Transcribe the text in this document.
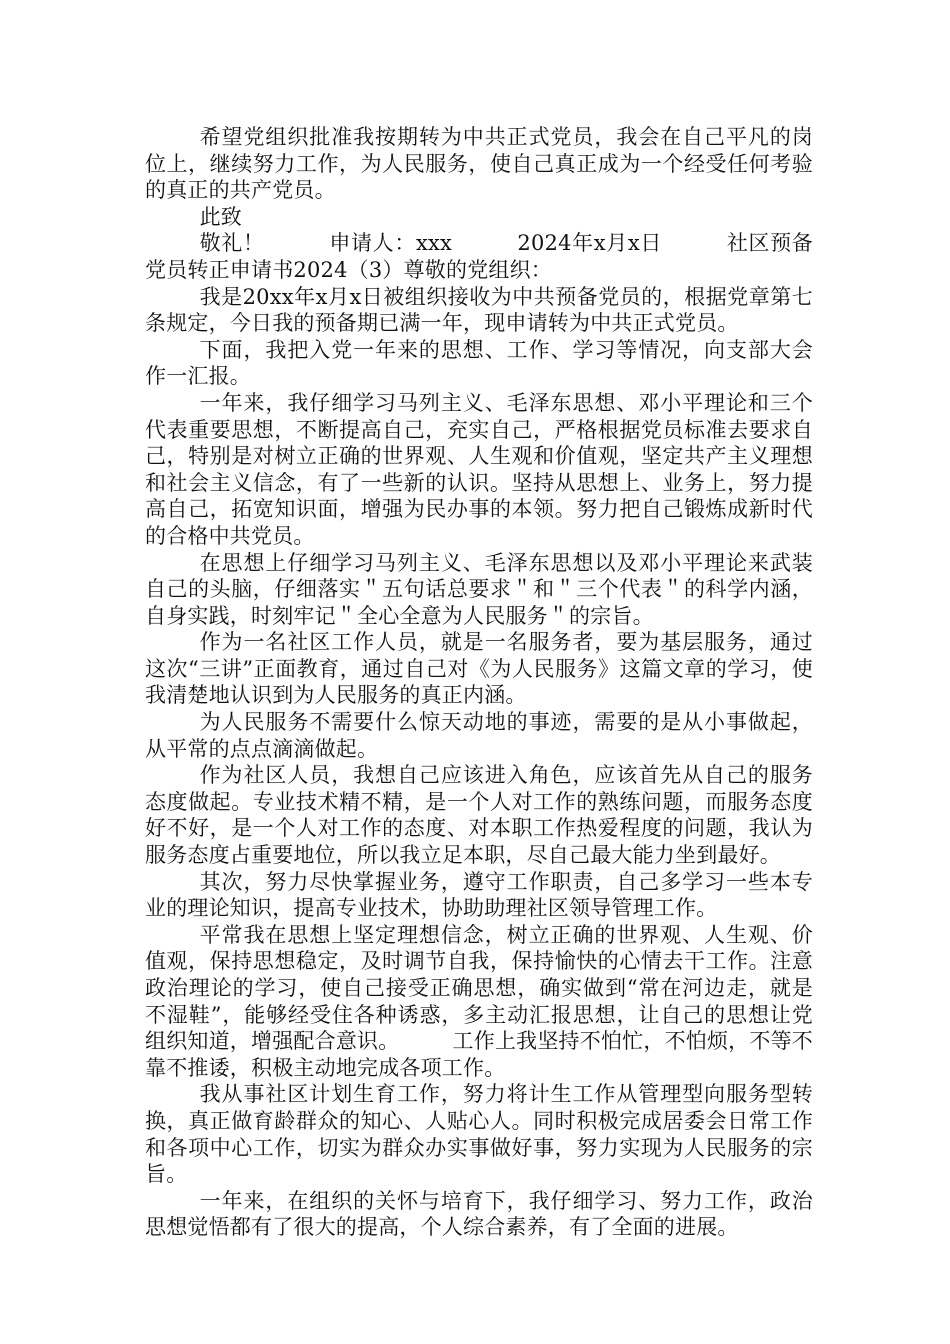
希望党组织批准我按期转为中共正式党员，我会在自己平凡的岗位上，继续努力工作，为人民服务，使自己真正成为一个经受任何考验的真正的共产党员。

此致

敬礼！　　　申请人：xxx　　　2024年x月x日　　　社区预备党员转正申请书2024（3）尊敬的党组织：

我是20xx年x月x日被组织接收为中共预备党员的，根据党章第七条规定，今日我的预备期已满一年，现申请转为中共正式党员。

下面，我把入党一年来的思想、工作、学习等情况，向支部大会作一汇报。

一年来，我仔细学习马列主义、毛泽东思想、邓小平理论和三个代表重要思想，不断提高自己，充实自己，严格根据党员标准去要求自己，特别是对树立正确的世界观、人生观和价值观，坚定共产主义理想和社会主义信念，有了一些新的认识。坚持从思想上、业务上，努力提高自己，拓宽知识面，增强为民办事的本领。努力把自己锻炼成新时代的合格中共党员。

在思想上仔细学习马列主义、毛泽东思想以及邓小平理论来武装自己的头脑，仔细落实＂五句话总要求＂和＂三个代表＂的科学内涵，自身实践，时刻牢记＂全心全意为人民服务＂的宗旨。

作为一名社区工作人员，就是一名服务者，要为基层服务，通过这次“三讲”正面教育，通过自己对《为人民服务》这篇文章的学习，使我清楚地认识到为人民服务的真正内涵。

为人民服务不需要什么惊天动地的事迹，需要的是从小事做起，从平常的点点滴滴做起。

作为社区人员，我想自己应该进入角色，应该首先从自己的服务态度做起。专业技术精不精，是一个人对工作的熟练问题，而服务态度好不好，是一个人对工作的态度、对本职工作热爱程度的问题，我认为服务态度占重要地位，所以我立足本职，尽自己最大能力坐到最好。

其次，努力尽快掌握业务，遵守工作职责，自己多学习一些本专业的理论知识，提高专业技术，协助助理社区领导管理工作。

平常我在思想上坚定理想信念，树立正确的世界观、人生观、价值观，保持思想稳定，及时调节自我，保持愉快的心情去干工作。注意政治理论的学习，使自己接受正确思想，确实做到“常在河边走，就是不湿鞋”，能够经受住各种诱惑，多主动汇报思想，让自己的思想让党组织知道，增强配合意识。　　　工作上我坚持不怕忙，不怕烦，不等不靠不推诿，积极主动地完成各项工作。

我从事社区计划生育工作，努力将计生工作从管理型向服务型转换，真正做育龄群众的知心、人贴心人。同时积极完成居委会日常工作和各项中心工作，切实为群众办实事做好事，努力实现为人民服务的宗旨。

一年来，在组织的关怀与培育下，我仔细学习、努力工作，政治思想觉悟都有了很大的提高，个人综合素养，有了全面的进展。
